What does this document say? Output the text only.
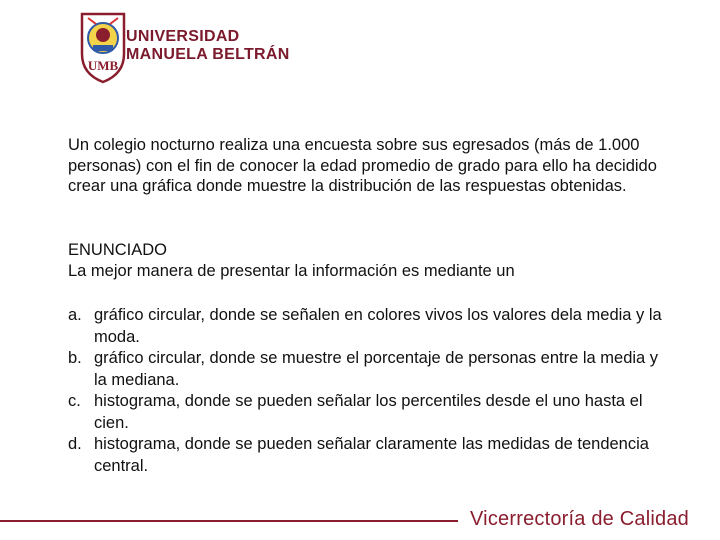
UMB
UNIVERSIDAD
MANUELA BELTRÁN

Un colegio nocturno realiza una encuesta sobre sus egresados (más de 1.000 personas) con el fin de conocer la edad promedio de grado para ello ha decidido crear una gráfica donde muestre la distribución de las respuestas obtenidas.

ENUNCIADO

La mejor manera de presentar la información es mediante un

a. gráfico circular, donde se señalen en colores vivos los valores dela media y la moda.
b. gráfico circular, donde se muestre el porcentaje de personas entre la media y la mediana.
c. histograma, donde se pueden señalar los percentiles desde el uno hasta el cien.
d. histograma, donde se pueden señalar claramente las medidas de tendencia central.
Vicerrectoría de Calidad
